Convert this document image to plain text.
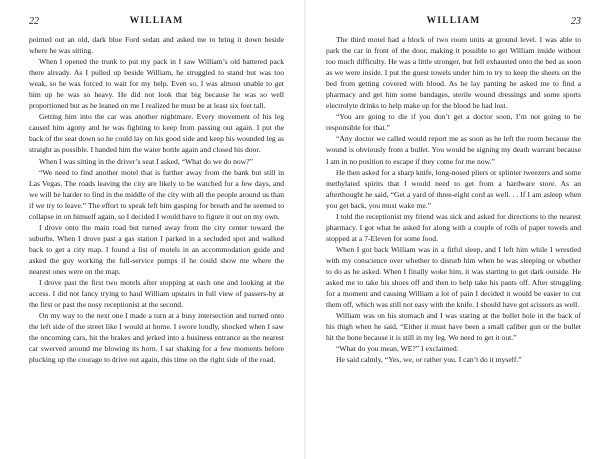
22	WILLIAM

pointed out an old, dark blue Ford sedan and asked me to bring it down beside where he was sitting.

When I opened the trunk to put my pack in I saw William’s old battered pack there already. As I pulled up beside William, he struggled to stand but was too weak, so he was forced to wait for my help. Even so, I was almost unable to get him up he was so heavy. He did not look that big because he was so well proportioned but as he leaned on me I realized he must be at least six feet tall.

Getting him into the car was another nightmare. Every movement of his leg caused him agony and he was fighting to keep from passing out again. I put the back of the seat down so he could lay on his good side and keep his wounded leg as straight as possible. I handed him the water bottle again and closed his door.

When I was sitting in the driver’s seat I asked, “What do we do now?”

“We need to find another motel that is further away from the bank but still in Las Vegas. The roads leaving the city are likely to be watched for a few days, and we will be harder to find in the middle of the city with all the people around us than if we try to leave.” The effort to speak left him gasping for breath and he seemed to collapse in on himself again, so I decided I would have to figure it out on my own.

I drove onto the main road but turned away from the city center toward the suburbs. When I drove past a gas station I parked in a secluded spot and walked back to get a city map. I found a list of motels in an accommodation guide and asked the guy working the full-service pumps if he could show me where the nearest ones were on the map.

I drove past the first two motels after stopping at each one and looking at the access. I did not fancy trying to haul William upstairs in full view of passers-by at the first or past the nosy receptionist at the second.

On my way to the next one I made a turn at a busy intersection and turned onto the left side of the street like I would at home. I swore loudly, shocked when I saw the oncoming cars, hit the brakes and jerked into a business entrance as the nearest car swerved around me blowing its horn. I sat shaking for a few moments before plucking up the courage to drive out again, this time on the right side of the road.

WILLIAM	23

The third motel had a block of two room units at ground level. I was able to park the car in front of the door, making it possible to get William inside without too much difficulty. He was a little stronger, but fell exhausted onto the bed as soon as we were inside. I put the guest towels under him to try to keep the sheets on the bed from getting covered with blood. As he lay panting he asked me to find a pharmacy and get him some bandages, sterile wound dressings and some sports electrolyte drinks to help make up for the blood he had lost.

“You are going to die if you don’t get a doctor soon, I’m not going to be responsible for that.”

“Any doctor we called would report me as soon as he left the room because the wound is obviously from a bullet. You would be signing my death warrant because I am in no position to escape if they come for me now.”

He then asked for a sharp knife, long-nosed pliers or splinter tweezers and some methylated spirits that I would need to get from a hardware store. As an afterthought he said, “Get a yard of three-eight cord as well. . . If I am asleep when you get back, you must wake me.”

I told the receptionist my friend was sick and asked for directions to the nearest pharmacy. I got what he asked for along with a couple of rolls of paper towels and stopped at a 7-Eleven for some food.

When I got back William was in a fitful sleep, and I left him while I wrestled with my conscience over whether to disturb him when he was sleeping or whether to do as he asked. When I finally woke him, it was starting to get dark outside. He asked me to take his shoes off and then to help take his pants off. After struggling for a moment and causing William a lot of pain I decided it would be easier to cut them off, which was still not easy with the knife. I should have got scissors as well.

William was on his stomach and I was staring at the bullet hole in the back of his thigh when he said, “Either it must have been a small caliber gun or the bullet hit the bone because it is still in my leg. We need to get it out.”

“What do you mean, WE?” I exclaimed.

He said calmly, “Yes, we, or rather you. I can’t do it myself.”
